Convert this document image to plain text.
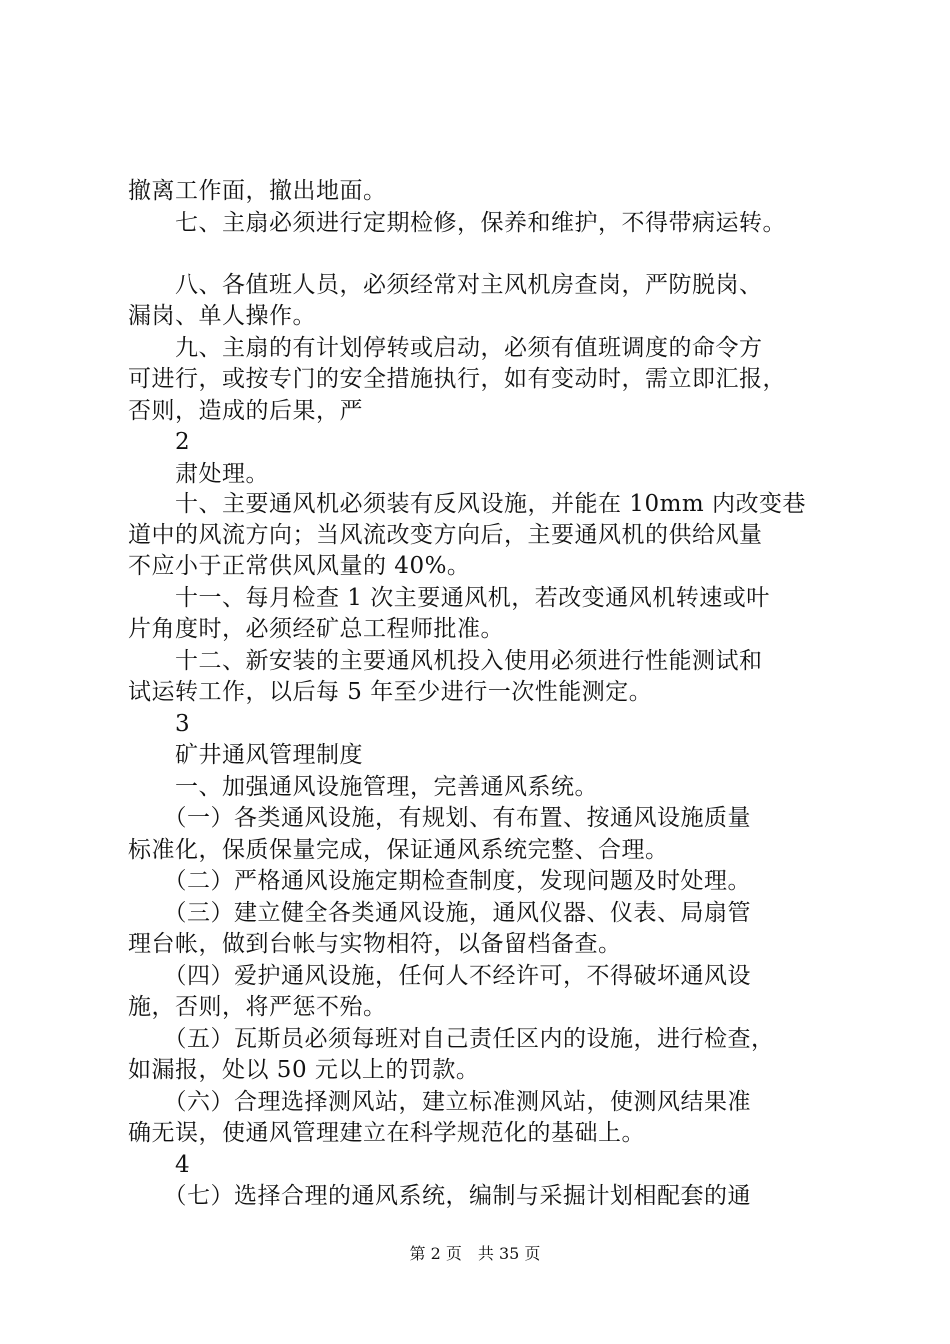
撤离工作面，撤出地面。
　　七、主扇必须进行定期检修，保养和维护，不得带病运转。
　　八、各值班人员，必须经常对主风机房查岗，严防脱岗、
漏岗、单人操作。
　　九、主扇的有计划停转或启动，必须有值班调度的命令方
可进行，或按专门的安全措施执行，如有变动时，需立即汇报，
否则，造成的后果，严
　　2
　　肃处理。
　　十、主要通风机必须装有反风设施，并能在 10mm 内改变巷
道中的风流方向；当风流改变方向后，主要通风机的供给风量
不应小于正常供风风量的 40%。
　　十一、每月检查 1 次主要通风机，若改变通风机转速或叶
片角度时，必须经矿总工程师批准。
　　十二、新安装的主要通风机投入使用必须进行性能测试和
试运转工作，以后每 5 年至少进行一次性能测定。
　　3
　　矿井通风管理制度
　　一、加强通风设施管理，完善通风系统。
　　（一）各类通风设施，有规划、有布置、按通风设施质量
标准化，保质保量完成，保证通风系统完整、合理。
　　（二）严格通风设施定期检查制度，发现问题及时处理。
　　（三）建立健全各类通风设施，通风仪器、仪表、局扇管
理台帐，做到台帐与实物相符，以备留档备查。
　　（四）爱护通风设施，任何人不经许可，不得破坏通风设
施，否则，将严惩不殆。
　　（五）瓦斯员必须每班对自己责任区内的设施，进行检查，
如漏报，处以 50 元以上的罚款。
　　（六）合理选择测风站，建立标准测风站，使测风结果准
确无误，使通风管理建立在科学规范化的基础上。
　　4
　　（七）选择合理的通风系统，编制与采掘计划相配套的通
第 2 页　共 35 页
